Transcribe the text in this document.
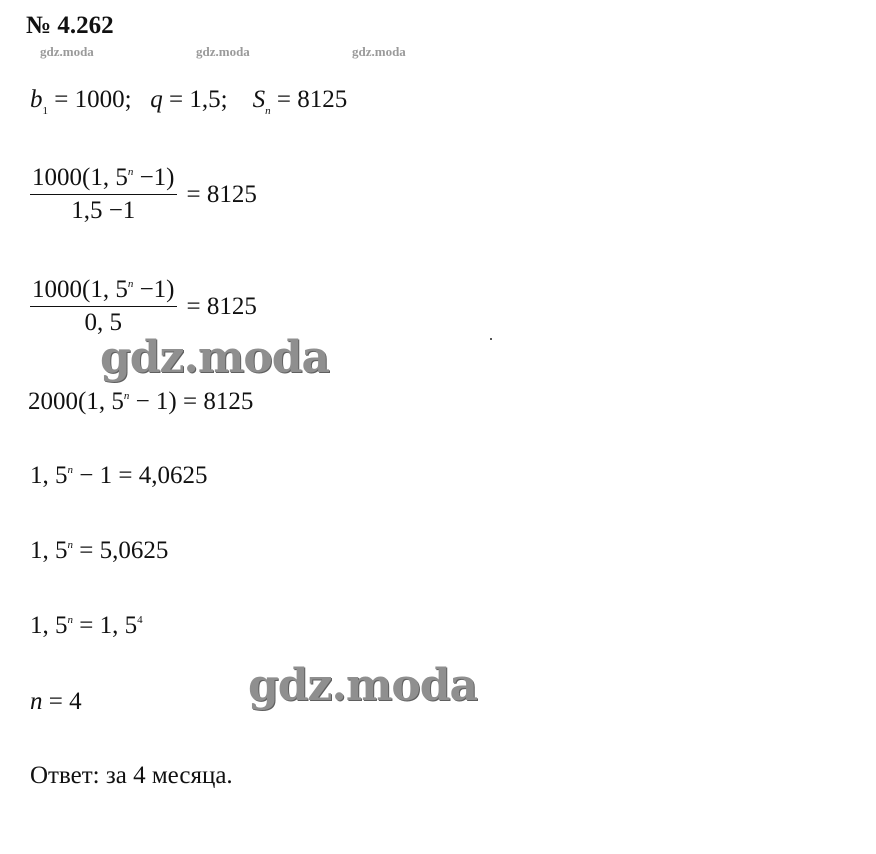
№ 4.262
gdz.moda	gdz.moda	gdz.moda
$b_1 = 1000$; q = 1,5; $S_n = 8125$
$\frac{1000(1, 5^n -1)}{1,5 -1} = 8125$
$\frac{1000(1, 5^n -1)}{0, 5} = 8125$
gdz.moda
2000(1, $5^n - 1) = 8125$
1, $5^n - 1 = 4,0625$
1, $5^n = 5,0625$
1, $5^n = 1$, $5^4$
n = 4	gdz.moda
Ответ: за 4 месяца.
